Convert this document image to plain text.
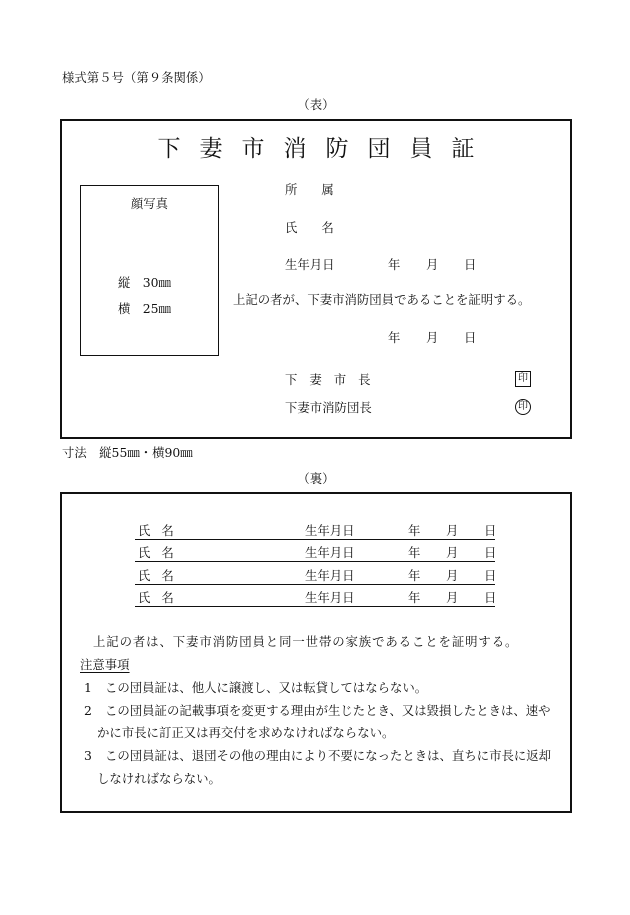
様式第５号（第９条関係）
（表）
下妻市消防団員証
顔写真
縦　30㎜
横　25㎜
所属
氏名
生年月日	年 月 日
上記の者が、下妻市消防団員であることを証明する。
年 月 日
下妻市長	印
下妻市消防団長	印
寸法　縦55㎜・横90㎜
（裏）
氏名	生年月日	年 月 日
氏名	生年月日	年 月 日
氏名	生年月日	年 月 日
氏名	生年月日	年 月 日
上記の者は、下妻市消防団員と同一世帯の家族であることを証明する。
注意事項
1 この団員証は、他人に譲渡し、又は転貸してはならない。
2 この団員証の記載事項を変更する理由が生じたとき、又は毀損したときは、速や
かに市長に訂正又は再交付を求めなければならない。
3 この団員証は、退団その他の理由により不要になったときは、直ちに市長に返却
しなければならない。
